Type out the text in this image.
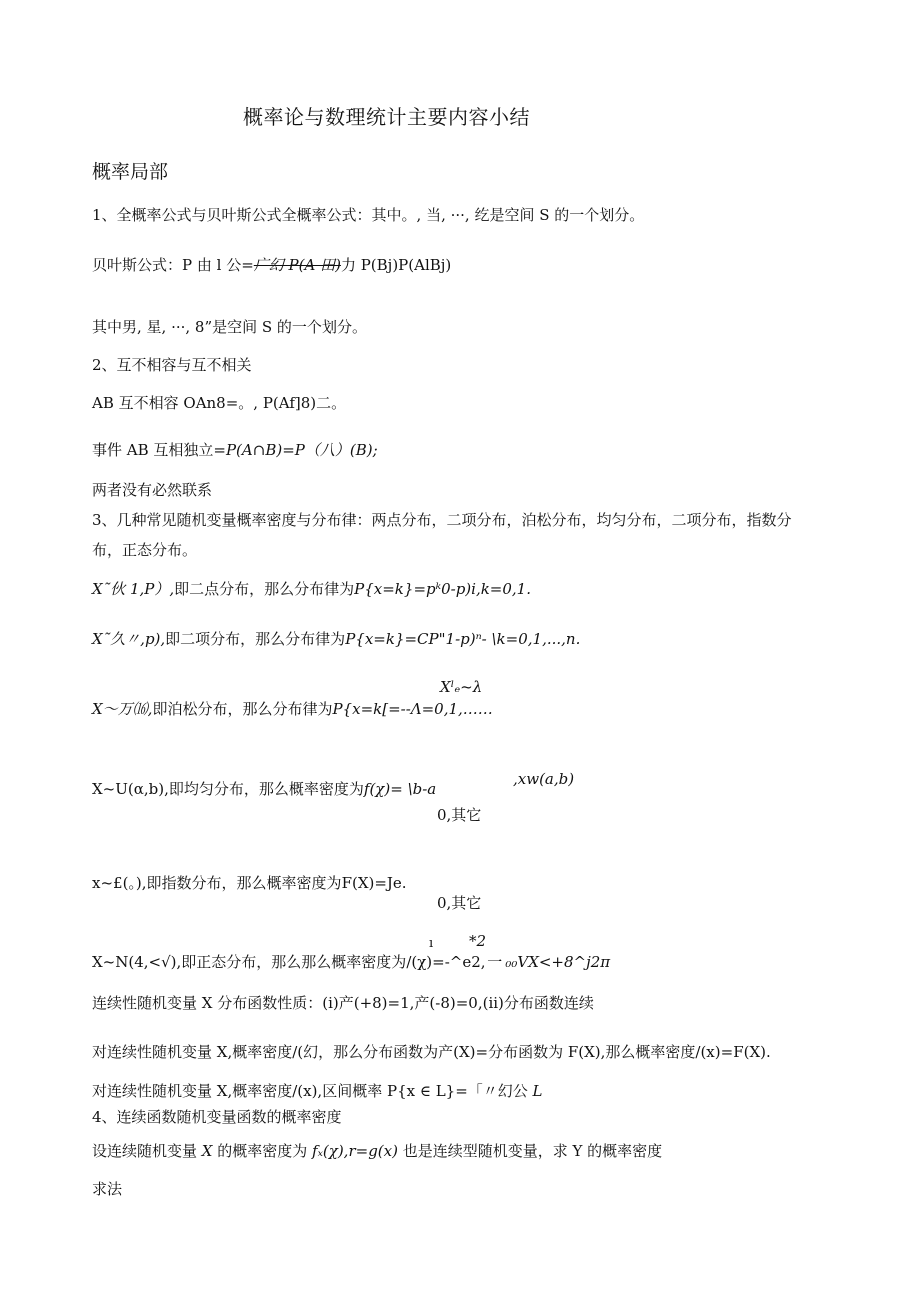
概率论与数理统计主要内容小结
概率局部
1、全概率公式与贝叶斯公式全概率公式：其中。, 当, ···, 纥是空间 S 的一个划分。
贝叶斯公式：P 由 l 公=广幻 P(A 田)力 P(Bj)P(AlBj)
其中男, 星, ···, 8”是空间 S 的一个划分。
2、互不相容与互不相关
AB 互不相容 OAn8=。, P(Af]8)二。
事件 AB 互相独立=P(A∩B)=P（八）(B);
两者没有必然联系
3、几种常见随机变量概率密度与分布律：两点分布，二项分布，泊松分布，均匀分布，二项分布，指数分
布，正态分布。
X˜伙 1,P）,即二点分布，那么分布律为P{x=k}=pᵏ0-p)i,k=0,1.
X˜久〃,p),即二项分布，那么分布律为P{x=k}=CP"1-p)ⁿ- \k=0,1,...,n.
Xˡₑ~λ
X～万⒃,即泊松分布，那么分布律为P{x=k[=--Λ=0,1,……
,xw(a,b)
X~U(α,b),即均匀分布，那么概率密度为f(χ)= \b-a
0,其它
x~£(。),即指数分布，那么概率密度为F(X)=Je.
0,其它
ı *2
X~N(4,<√),即正态分布，那么那么概率密度为/(χ)=-^e2,一 ₀₀VX<+8^j2π
连续性随机变量 X 分布函数性质：(i)产(+8)=1,产(-8)=0,(ii)分布函数连续
对连续性随机变量 X,概率密度/(幻，那么分布函数为产(X)=分布函数为 F(X),那么概率密度/(x)=F(X).
对连续性随机变量 X,概率密度/(x),区间概率 P{x ∈ L}=「〃幻公 L
4、连续函数随机变量函数的概率密度
设连续随机变量 X 的概率密度为 fₓ(χ),r=g(x) 也是连续型随机变量，求 Y 的概率密度
求法
